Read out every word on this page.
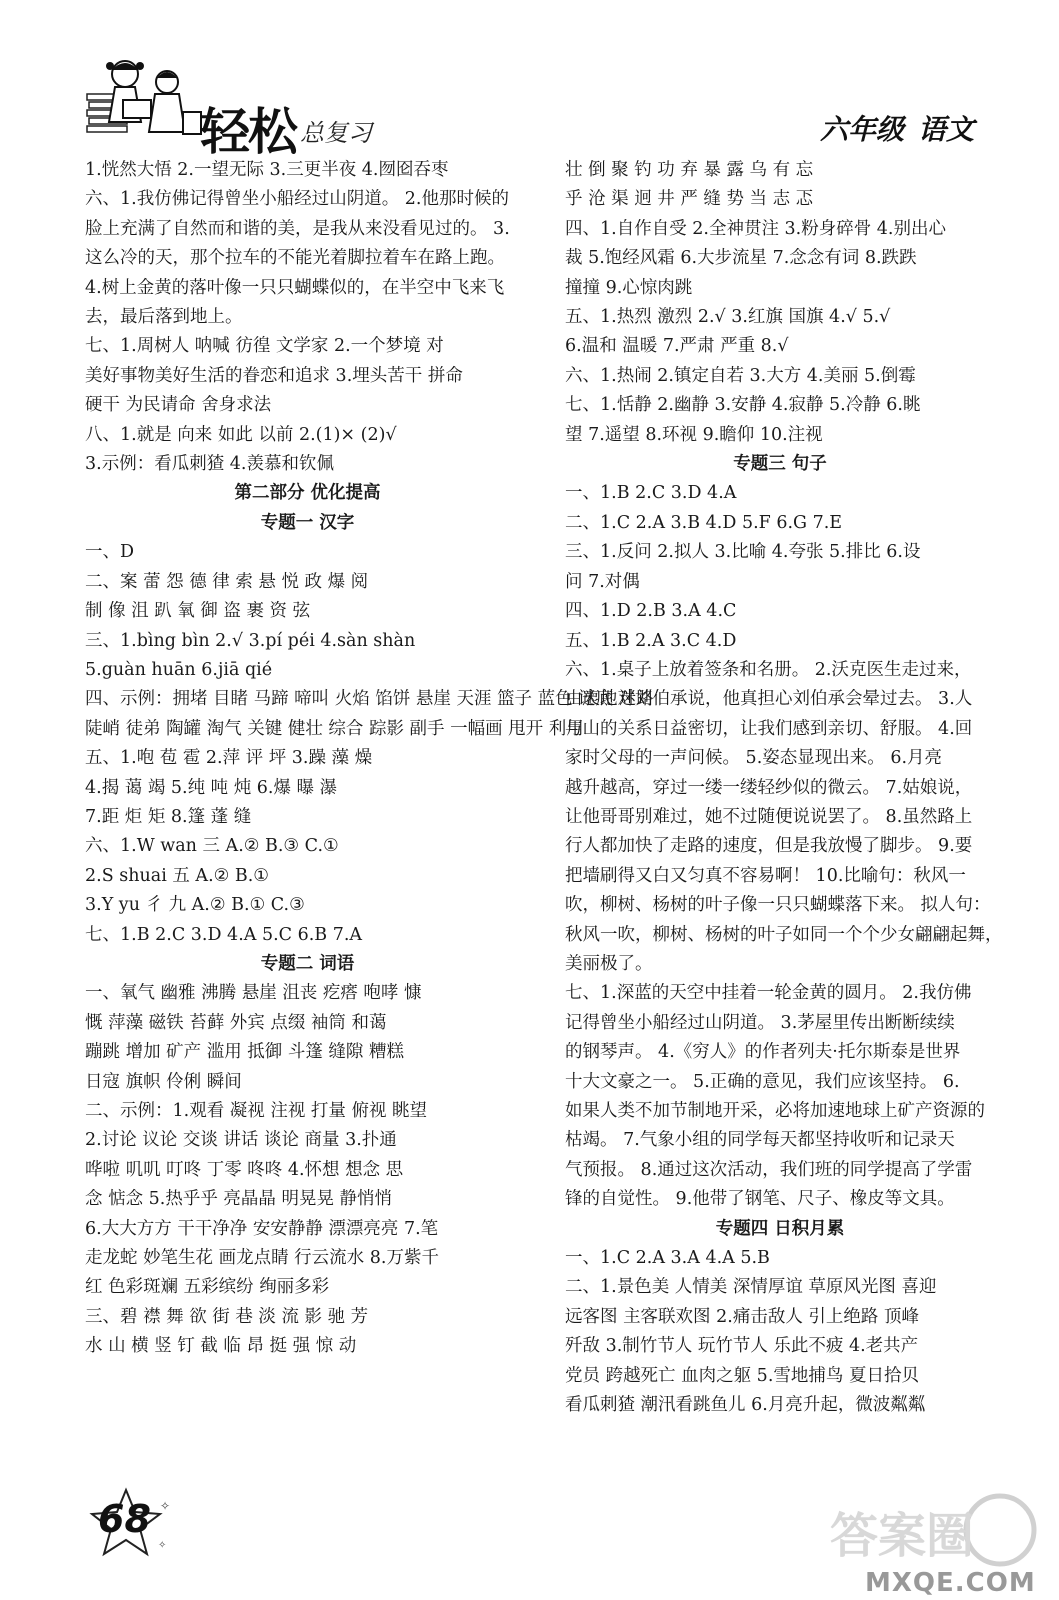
轻松 总复习	六年级 语文
1.恍然大悟 2.一望无际 3.三更半夜 4.囫囵吞枣
六、1.我仿佛记得曾坐小船经过山阴道。 2.他那时候的
脸上充满了自然而和谐的美，是我从来没看见过的。 3.
这么冷的天，那个拉车的不能光着脚拉着车在路上跑。
4.树上金黄的落叶像一只只蝴蝶似的，在半空中飞来飞
去，最后落到地上。
七、1.周树人 呐喊 彷徨 文学家 2.一个梦境 对
美好事物美好生活的眷恋和追求 3.埋头苦干 拼命
硬干 为民请命 舍身求法
八、1.就是 向来 如此 以前 2.(1)× (2)√
3.示例：看瓜刺猹 4.羡慕和钦佩
第二部分 优化提高
专题一 汉字
一、D
二、案 蕾 怨 德 律 索 悬 悦 政 爆 阅
制 像 沮 趴 氧 御 盗 裹 资 弦
三、1.bìng bìn 2.√ 3.pí péi 4.sàn shàn
5.guàn huān 6.jiā qié
四、示例：拥堵 目睹 马蹄 啼叫 火焰 馅饼 悬崖 天涯 篮子 蓝色 谜底 迷路
陡峭 徒弟 陶罐 淘气 关键 健壮 综合 踪影 副手 一幅画 甩开 利用
五、1.咆 苞 雹 2.萍 评 坪 3.躁 藻 燥
4.揭 蔼 竭 5.纯 吨 炖 6.爆 曝 瀑
7.距 炬 矩 8.篷 蓬 缝
六、1.W wan 三 A.② B.③ C.①
2.S shuai 五 A.② B.①
3.Y yu 彳 九 A.② B.① C.③
七、1.B 2.C 3.D 4.A 5.C 6.B 7.A
专题二 词语
一、氧气 幽雅 沸腾 悬崖 沮丧 疙瘩 咆哮 慷
慨 萍藻 磁铁 苔藓 外宾 点缀 袖筒 和蔼
蹦跳 增加 矿产 滥用 抵御 斗篷 缝隙 糟糕
日寇 旗帜 伶俐 瞬间
二、示例：1.观看 凝视 注视 打量 俯视 眺望
2.讨论 议论 交谈 讲话 谈论 商量 3.扑通
哗啦 叽叽 叮咚 丁零 咚咚 4.怀想 想念 思
念 惦念 5.热乎乎 亮晶晶 明晃晃 静悄悄
6.大大方方 干干净净 安安静静 漂漂亮亮 7.笔
走龙蛇 妙笔生花 画龙点睛 行云流水 8.万紫千
红 色彩斑斓 五彩缤纷 绚丽多彩
三、碧 襟 舞 欲 街 巷 淡 流 影 驰 芳
水 山 横 竖 钉 截 临 昂 挺 强 惊 动
壮 倒 聚 钓 功 弃 暴 露 乌 有 忘
乎 沧 渠 迥 井 严 缝 势 当 志 忑
四、1.自作自受 2.全神贯注 3.粉身碎骨 4.别出心
裁 5.饱经风霜 6.大步流星 7.念念有词 8.跌跌
撞撞 9.心惊肉跳
五、1.热烈 激烈 2.√ 3.红旗 国旗 4.√ 5.√
6.温和 温暖 7.严肃 严重 8.√
六、1.热闹 2.镇定自若 3.大方 4.美丽 5.倒霉
七、1.恬静 2.幽静 3.安静 4.寂静 5.冷静 6.眺
望 7.遥望 8.环视 9.瞻仰 10.注视
专题三 句子
一、1.B 2.C 3.D 4.A
二、1.C 2.A 3.B 4.D 5.F 6.G 7.E
三、1.反问 2.拟人 3.比喻 4.夸张 5.排比 6.设
问 7.对偶
四、1.D 2.B 3.A 4.C
五、1.B 2.A 3.C 4.D
六、1.桌子上放着签条和名册。 2.沃克医生走过来，
由衷地对刘伯承说，他真担心刘伯承会晕过去。 3.人
与山的关系日益密切，让我们感到亲切、舒服。 4.回
家时父母的一声问候。 5.姿态显现出来。 6.月亮
越升越高，穿过一缕一缕轻纱似的微云。 7.姑娘说，
让他哥哥别难过，她不过随便说说罢了。 8.虽然路上
行人都加快了走路的速度，但是我放慢了脚步。 9.要
把墙刷得又白又匀真不容易啊！ 10.比喻句：秋风一
吹，柳树、杨树的叶子像一只只蝴蝶落下来。 拟人句：
秋风一吹，柳树、杨树的叶子如同一个个少女翩翩起舞，
美丽极了。
七、1.深蓝的天空中挂着一轮金黄的圆月。 2.我仿佛
记得曾坐小船经过山阴道。 3.茅屋里传出断断续续
的钢琴声。 4.《穷人》的作者列夫·托尔斯泰是世界
十大文豪之一。 5.正确的意见，我们应该坚持。 6.
如果人类不加节制地开采，必将加速地球上矿产资源的
枯竭。 7.气象小组的同学每天都坚持收听和记录天
气预报。 8.通过这次活动，我们班的同学提高了学雷
锋的自觉性。 9.他带了钢笔、尺子、橡皮等文具。
专题四 日积月累
一、1.C 2.A 3.A 4.A 5.B
二、1.景色美 人情美 深情厚谊 草原风光图 喜迎
远客图 主客联欢图 2.痛击敌人 引上绝路 顶峰
歼敌 3.制竹节人 玩竹节人 乐此不疲 4.老共产
党员 跨越死亡 血肉之躯 5.雪地捕鸟 夏日拾贝
看瓜刺猹 潮汛看跳鱼儿 6.月亮升起，微波粼粼
✧
✧
68	答案圈
MXQE.COM
